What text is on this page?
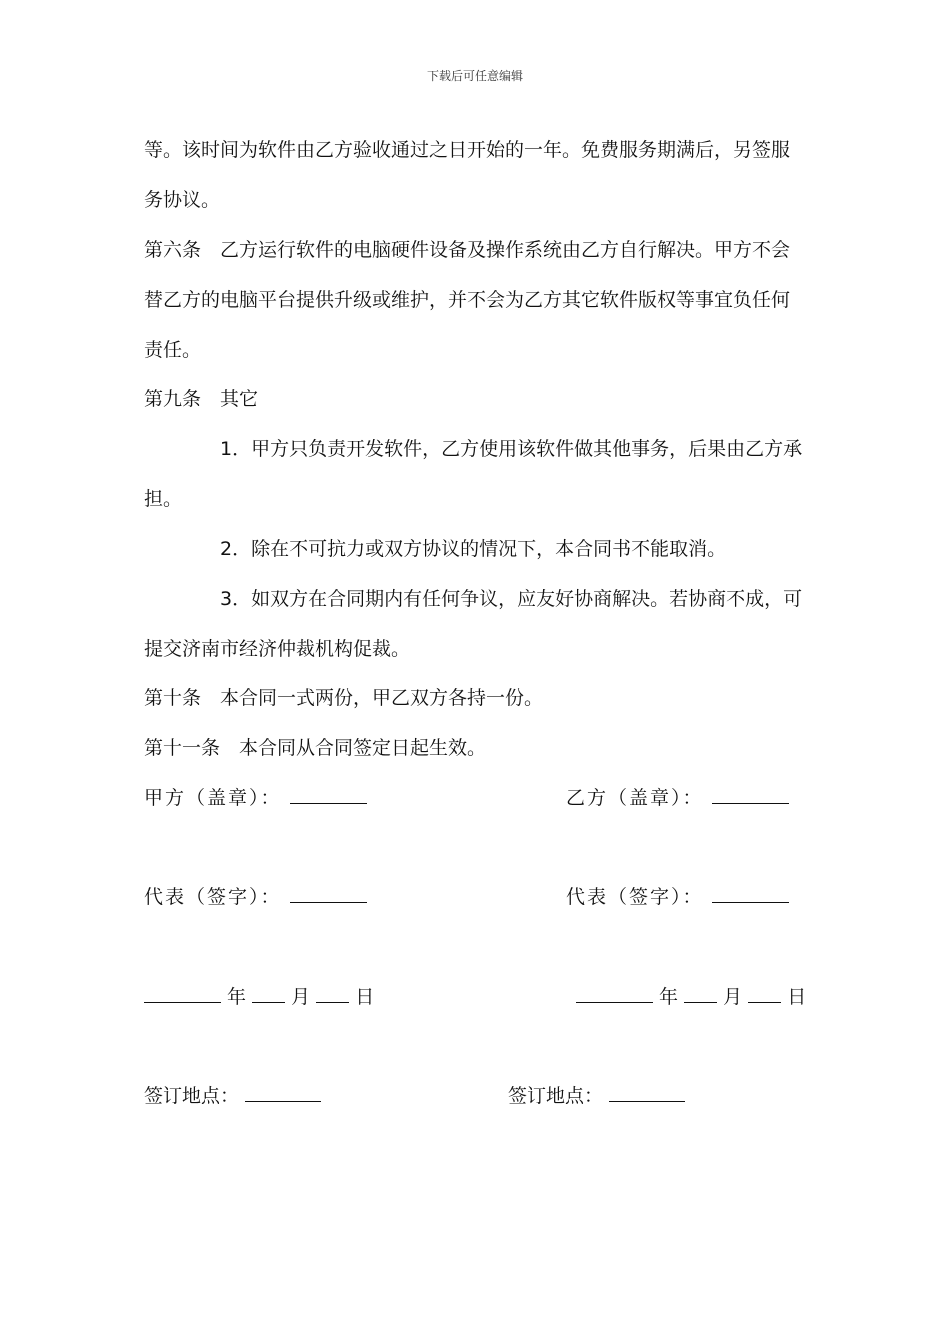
下载后可任意编辑
等。该时间为软件由乙方验收通过之日开始的一年。免费服务期满后，另签服
务协议。
第六条　乙方运行软件的电脑硬件设备及操作系统由乙方自行解决。甲方不会
替乙方的电脑平台提供升级或维护，并不会为乙方其它软件版权等事宜负任何
责任。
第九条　其它
1．甲方只负责开发软件，乙方使用该软件做其他事务，后果由乙方承
担。
2．除在不可抗力或双方协议的情况下，本合同书不能取消。
3．如双方在合同期内有任何争议，应友好协商解决。若协商不成，可
提交济南市经济仲裁机构促裁。
第十条　本合同一式两份，甲乙双方各持一份。
第十一条　本合同从合同签定日起生效。
甲方（盖章）：	乙方（盖章）：
代表（签字）：	代表（签字）：
年 月 日	年 月 日
签订地点：	签订地点：
